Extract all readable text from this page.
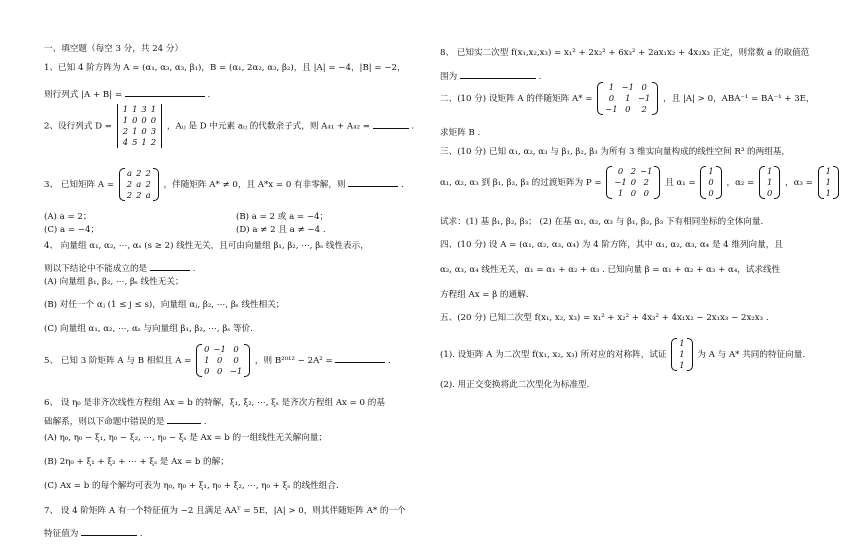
一、填空题（每空 3 分，共 24 分）
1、已知 4 阶方阵为 A = (α₁, α₃, α₃, β₁)，B = (α₁, 2α₂, α₃, β₂)，且 |A| = −4，|B| = −2，
则行列式 |A + B| =	.
2、设行列式 D =
1	1	3	1
1	0	0	0
2	1	0	3
4	5	1	2
，Aᵢⱼ 是 D 中元素 aᵢⱼ 的代数余子式，则 A₄₁ + A₄₂ =	.
3、 已知矩阵 A =
a	2	2
2	a	2
2	2	a
，伴随矩阵 A* ≠ 0，且 A*x = 0 有非零解，则	.
(A) a = 2；	(B) a = 2 或 a = −4；
(C) a = −4；	(D) a ≠ 2 且 a ≠ −4 .
4、 向量组 α₁, α₂, ⋯, αₛ (s ≥ 2) 线性无关，且可由向量组 β₁, β₂, ⋯, βₛ 线性表示，
则以下结论中不能成立的是	.
(A) 向量组 β₁, β₂, ⋯, βₛ 线性无关；
(B) 对任一个 αⱼ (1 ≤ j ≤ s)，向量组 αⱼ, β₂, ⋯, βₛ 线性相关；
(C) 向量组 α₁, α₂, ⋯, αₛ 与向量组 β₁, β₂, ⋯, βₛ 等价.
5、 已知 3 阶矩阵 A 与 B 相似且 A =
0	−1	0
1	0	0
0	0	−1
，则 B²⁰¹² − 2A² =	.
6、 设 η₀ 是非齐次线性方程组 Ax = b 的特解，ξ₁, ξ₂, ⋯, ξₛ 是齐次方程组 Ax = 0 的基
础解系，则以下命题中错误的是	.
(A) η₀, η₀ − ξ₁, η₀ − ξ₂, ⋯, η₀ − ξₛ 是 Ax = b 的一组线性无关解向量；
(B) 2η₀ + ξ₁ + ξ₂ + ⋯ + ξₛ 是 Ax = b 的解；
(C) Ax = b 的每个解均可表为 η₀, η₀ + ξ₁, η₀ + ξ₂, ⋯, η₀ + ξₛ 的线性组合.
7、 设 4 阶矩阵 A 有一个特征值为 −2 且满足 AAᵀ = 5E，|A| > 0，则其伴随矩阵 A* 的一个
特征值为	.
8、 已知实二次型 f(x₁,x₂,x₃) = x₁² + 2x₂² + 6x₃² + 2ax₁x₂ + 4x₂x₃ 正定，则常数 a 的取值范
围为	.
二、(10 分) 设矩阵 A 的伴随矩阵 A* =
1	−1	0
0	1	−1
−1	0	2
，且 |A| > 0，ABA⁻¹ = BA⁻¹ + 3E，
求矩阵 B .
三、(10 分) 已知 α₁, α₂, α₃ 与 β₁, β₂, β₃ 为所有 3 维实向量构成的线性空间 R³ 的两组基，
α₁, α₂, α₃ 到 β₁, β₂, β₃ 的过渡矩阵为 P =
0	2	−1
−1	0	2
1	0	0
且 α₁ =
1
0
0
，α₂ =
1
1
0
，α₃ =
1
1
1
试求：(1) 基 β₁, β₂, β₃； (2) 在基 α₁, α₂, α₃ 与 β₁, β₂, β₃ 下有相同坐标的全体向量.
四、(10 分) 设 A = (α₁, α₂, α₃, α₄) 为 4 阶方阵，其中 α₁, α₂, α₃, α₄ 是 4 维列向量，且
α₂, α₃, α₄ 线性无关，α₁ = α₁ + α₂ + α₃ . 已知向量 β = α₁ + α₂ + α₃ + α₄，试求线性
方程组 Ax = β 的通解.
五、(20 分) 已知二次型 f(x₁, x₂, x₃) = x₁² + x₂² + 4x₃² + 4x₁x₂ − 2x₁x₃ − 2x₂x₃ .
(1). 设矩阵 A 为二次型 f(x₁, x₂, x₃) 所对应的对称阵，试证
1
1
1
为 A 与 A* 共同的特征向量.
(2). 用正交变换将此二次型化为标准型.
